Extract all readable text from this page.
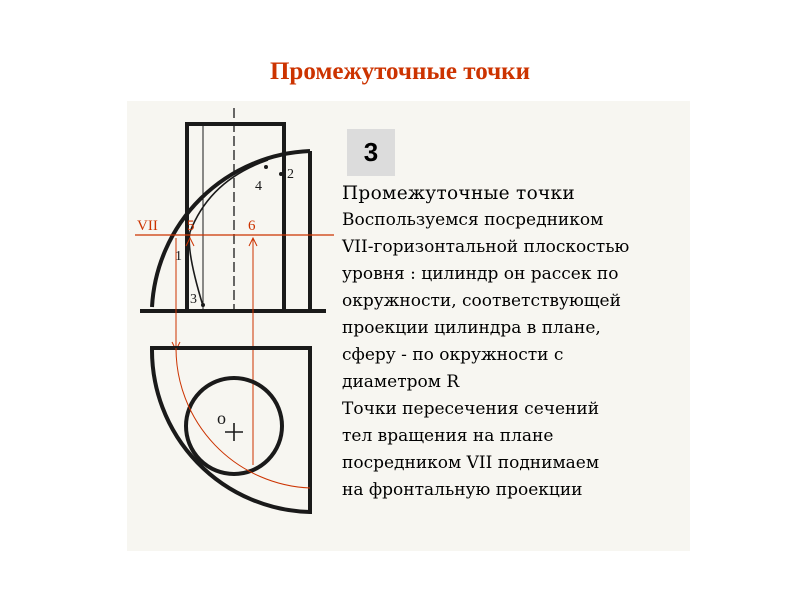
Промежуточные точки
VII 5	6
1
2
3
4
o
3
Промежуточные точки
Воспользуемся посредником
VII-горизонтальной плоскостью
уровня : цилиндр он рассек по
окружности, соответствующей
проекции цилиндра в плане,
сферу - по окружности с
диаметром R
Точки пересечения сечений
тел вращения на плане
посредником VII поднимаем
на фронтальную проекции
